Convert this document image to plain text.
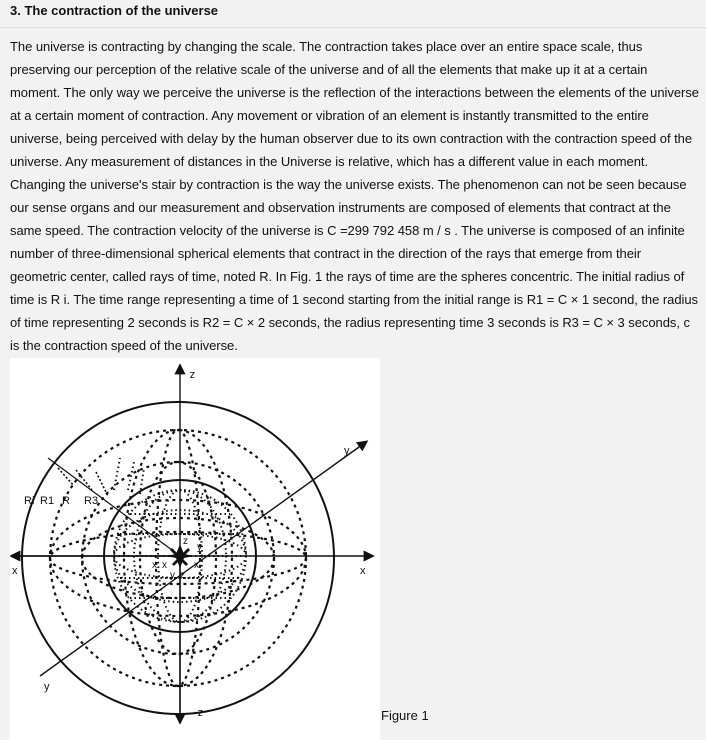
3. The contraction of the universe

The universe is contracting by changing the scale. The contraction takes place over an entire space scale, thus preserving our perception of the relative scale of the universe and of all the elements that make up it at a certain moment. The only way we perceive the universe is the reflection of the interactions between the elements of the universe at a certain moment of contraction. Any movement or vibration of an element is instantly transmitted to the entire universe, being perceived with delay by the human observer due to its own contraction with the contraction speed of the universe. Any measurement of distances in the Universe is relative, which has a different value in each moment. Changing the universe's stair by contraction is the way the universe exists. The phenomenon can not be seen because our sense organs and our measurement and observation instruments are composed of elements that contract at the same speed. The contraction velocity of the universe is C =299 792 458 m / s . The universe is composed of an infinite number of three-dimensional spherical elements that contract in the direction of the rays that emerge from their geometric center, called rays of time, noted R. In Fig. 1 the rays of time are the spheres concentric. The initial radius of time is R i. The time range representing a time of 1 second starting from the initial range is R1 = C × 1 second, the radius of time representing 2 seconds is R2 = C × 2 seconds, the radius representing time 3 seconds is R3 = C × 3 seconds, c is the contraction speed of the universe.

z
z
x	x
y
y
Ri R1 R R3
z
y
x x
y z
x
Figure 1
